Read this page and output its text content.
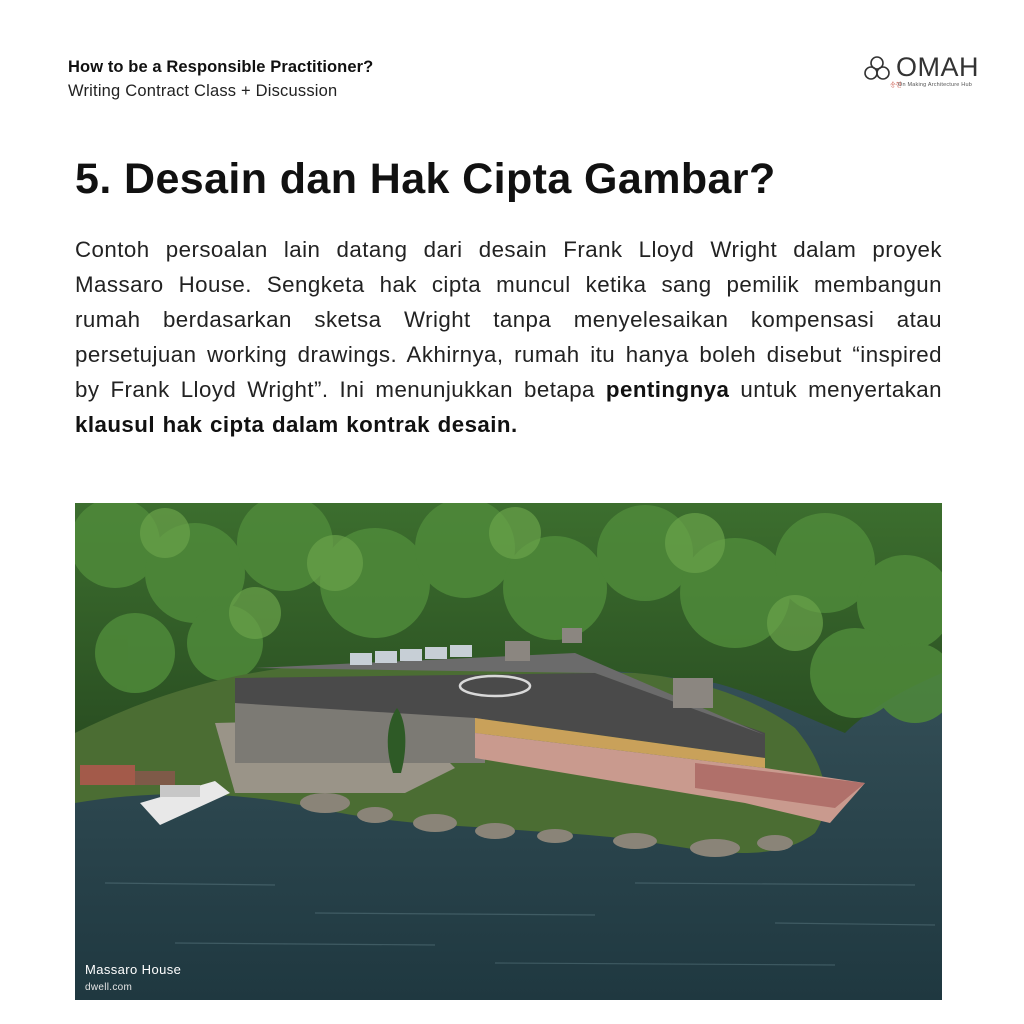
How to be a Responsible Practitioner?
Writing Contract Class + Discussion
OMAH
송현
On Making Architecture Hub
5. Desain dan Hak Cipta Gambar?

Contoh persoalan lain datang dari desain Frank Lloyd Wright dalam proyek Massaro House. Sengketa hak cipta muncul ketika sang pemilik membangun rumah berdasarkan sketsa Wright tanpa menyelesaikan kompensasi atau persetujuan working drawings. Akhirnya, rumah itu hanya boleh disebut “inspired by Frank Lloyd Wright”. Ini menunjukkan betapa pentingnya untuk menyertakan klausul hak cipta dalam kontrak desain.

Massaro House
dwell.com
